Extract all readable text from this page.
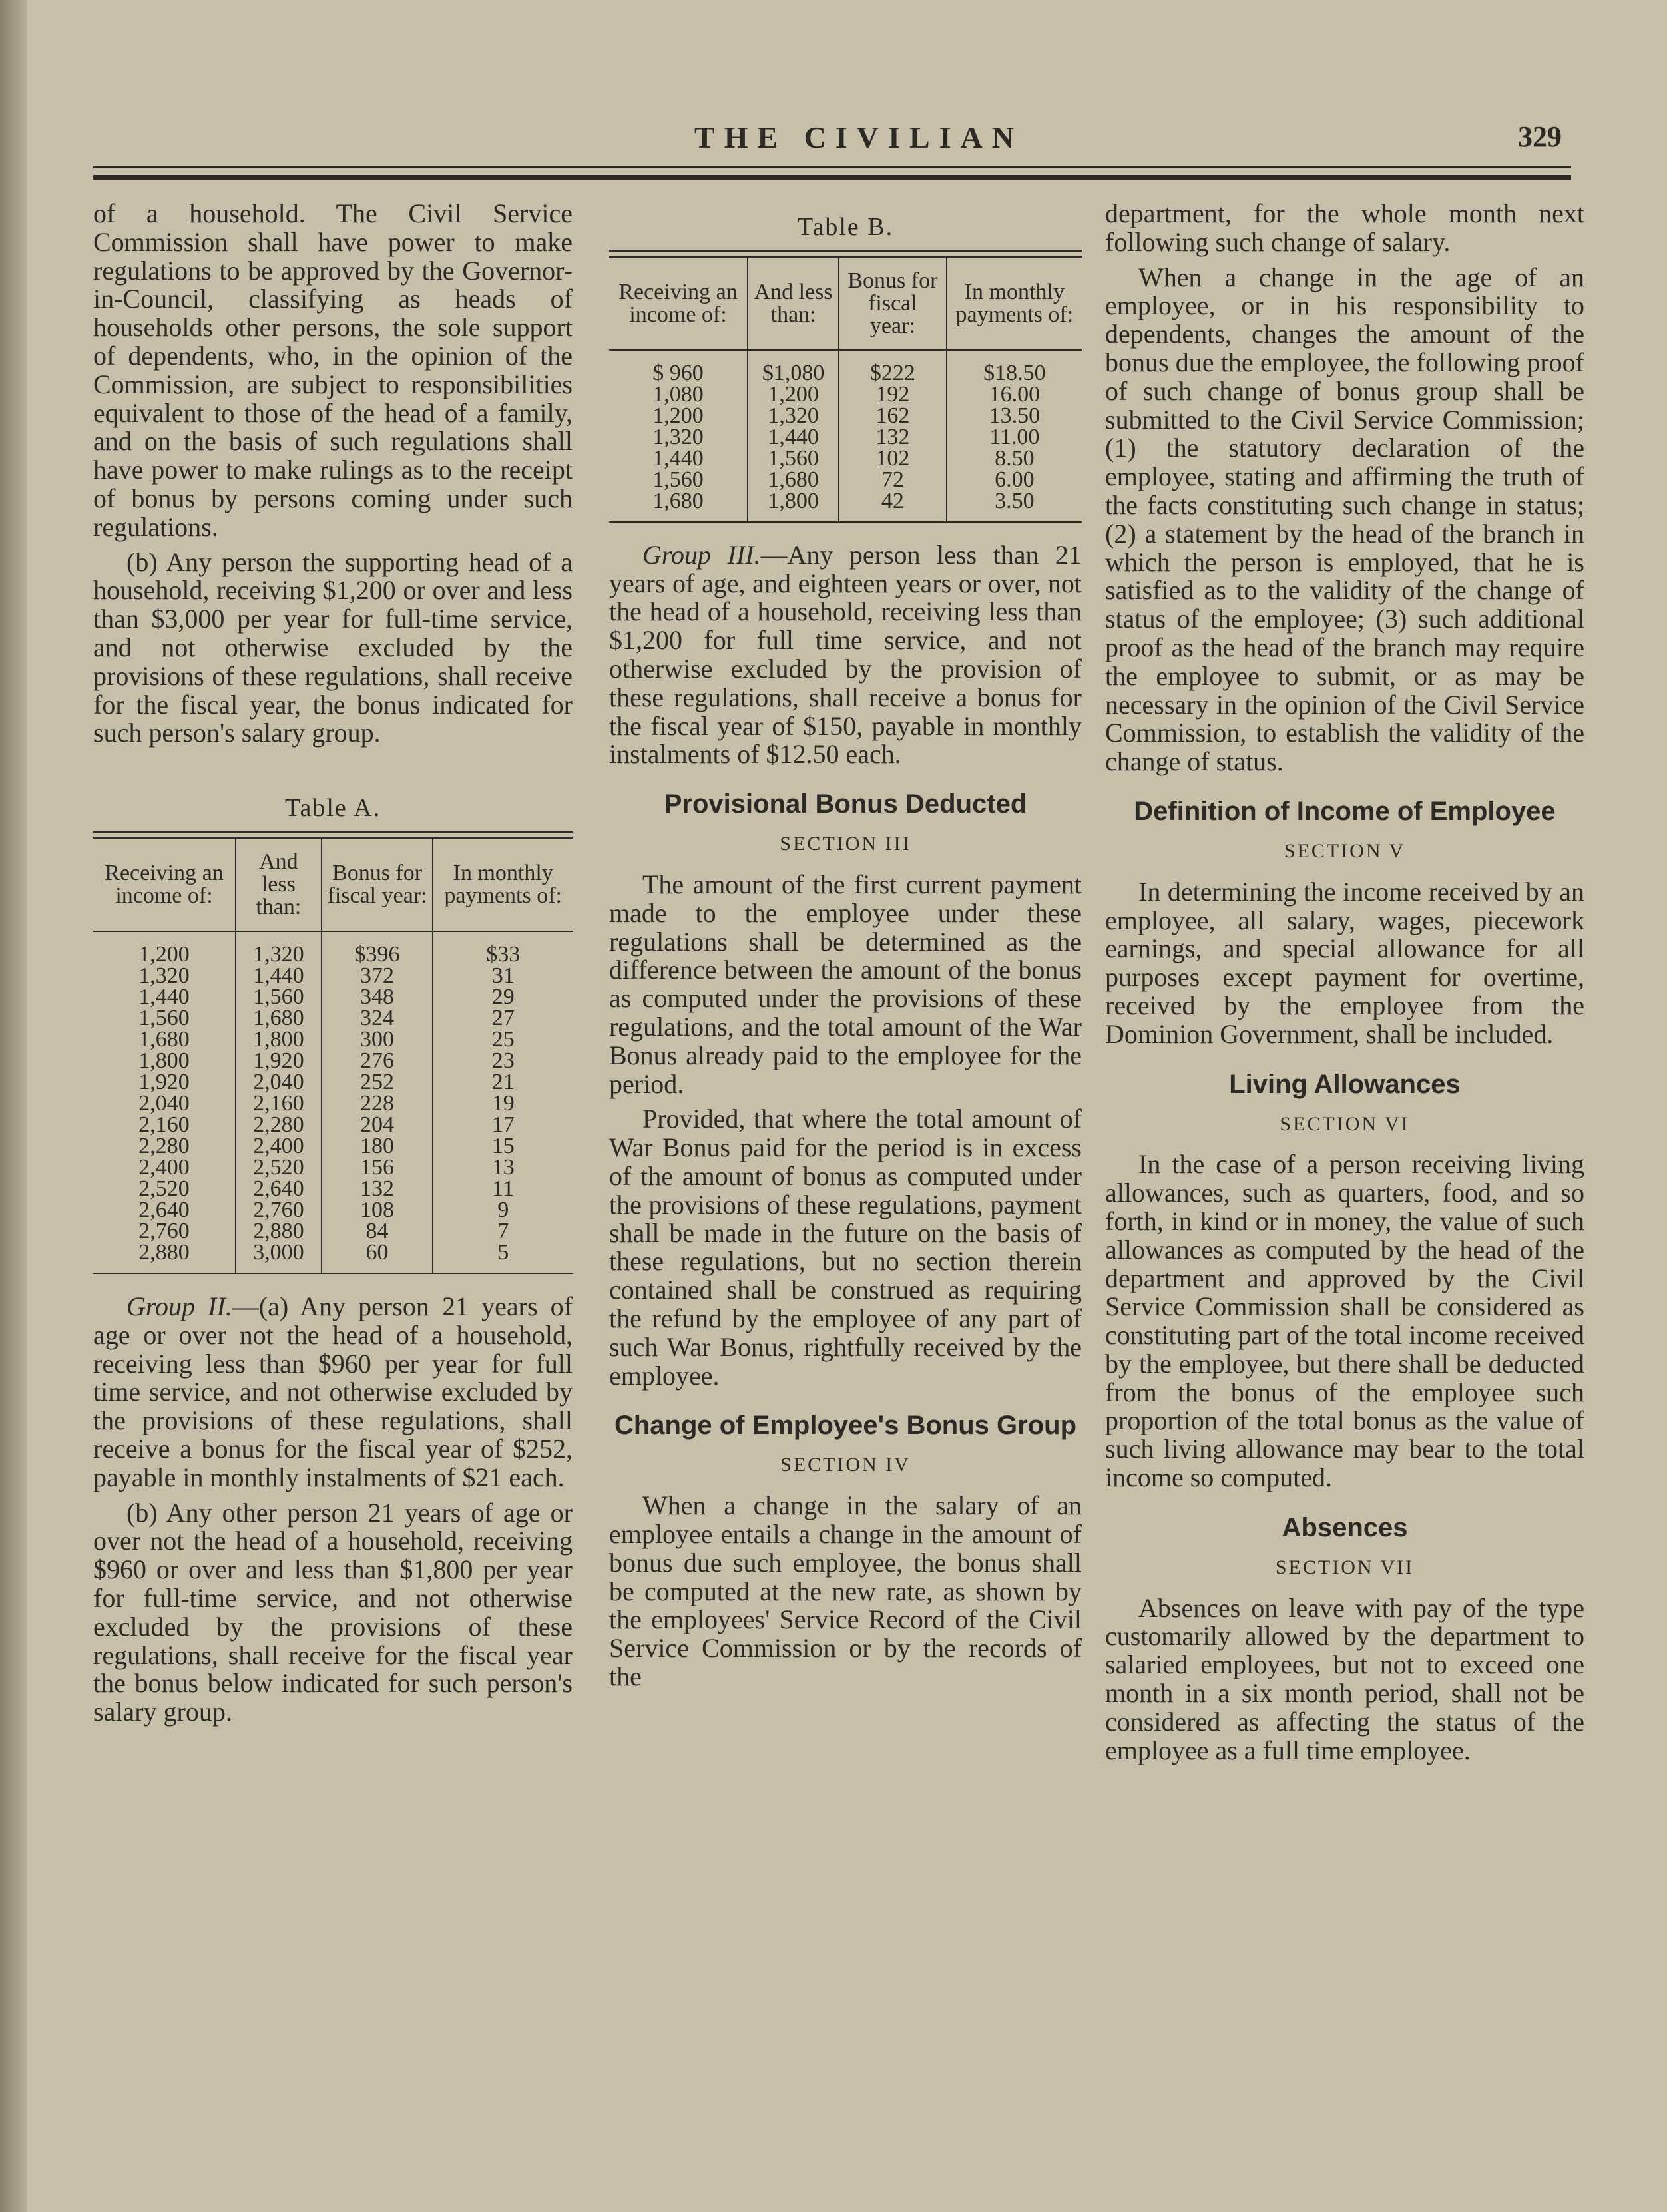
THE CIVILIAN	329

of a household. The Civil Service Commission shall have power to make regulations to be approved by the Governor-in-Council, classifying as heads of households other persons, the sole support of dependents, who, in the opinion of the Commission, are subject to responsibilities equivalent to those of the head of a family, and on the basis of such regulations shall have power to make rulings as to the receipt of bonus by persons coming under such regulations.

(b) Any person the supporting head of a household, receiving $1,200 or over and less than $3,000 per year for full-time service, and not otherwise excluded by the provisions of these regulations, shall receive for the fiscal year, the bonus indicated for such person's salary group.

Table A.

Receiving an income of:	And less than:	Bonus for fiscal year:	In monthly payments of:
1,200	1,320	$396	$33
1,320	1,440	372	31
1,440	1,560	348	29
1,560	1,680	324	27
1,680	1,800	300	25
1,800	1,920	276	23
1,920	2,040	252	21
2,040	2,160	228	19
2,160	2,280	204	17
2,280	2,400	180	15
2,400	2,520	156	13
2,520	2,640	132	11
2,640	2,760	108	9
2,760	2,880	84	7
2,880	3,000	60	5

Group II.—(a) Any person 21 years of age or over not the head of a household, receiving less than $960 per year for full time service, and not otherwise excluded by the provisions of these regulations, shall receive a bonus for the fiscal year of $252, payable in monthly instalments of $21 each.

(b) Any other person 21 years of age or over not the head of a household, receiving $960 or over and less than $1,800 per year for full-time service, and not otherwise excluded by the provisions of these regulations, shall receive for the fiscal year the bonus below indicated for such person's salary group.

Table B.

Receiving an income of:	And less than:	Bonus for fiscal year:	In monthly payments of:
$ 960	$1,080	$222	$18.50
1,080	1,200	192	16.00
1,200	1,320	162	13.50
1,320	1,440	132	11.00
1,440	1,560	102	8.50
1,560	1,680	72	6.00
1,680	1,800	42	3.50

Group III.—Any person less than 21 years of age, and eighteen years or over, not the head of a household, receiving less than $1,200 for full time service, and not otherwise excluded by the provision of these regulations, shall receive a bonus for the fiscal year of $150, payable in monthly instalments of $12.50 each.

Provisional Bonus Deducted
SECTION III

The amount of the first current payment made to the employee under these regulations shall be determined as the difference between the amount of the bonus as computed under the provisions of these regulations, and the total amount of the War Bonus already paid to the employee for the period.

Provided, that where the total amount of War Bonus paid for the period is in excess of the amount of bonus as computed under the provisions of these regulations, payment shall be made in the future on the basis of these regulations, but no section therein contained shall be construed as requiring the refund by the employee of any part of such War Bonus, rightfully received by the employee.

Change of Employee's Bonus Group
SECTION IV

When a change in the salary of an employee entails a change in the amount of bonus due such employee, the bonus shall be computed at the new rate, as shown by the employees' Service Record of the Civil Service Commission or by the records of the

department, for the whole month next following such change of salary.

When a change in the age of an employee, or in his responsibility to dependents, changes the amount of the bonus due the employee, the following proof of such change of bonus group shall be submitted to the Civil Service Commission; (1) the statutory declaration of the employee, stating and affirming the truth of the facts constituting such change in status; (2) a statement by the head of the branch in which the person is employed, that he is satisfied as to the validity of the change of status of the employee; (3) such additional proof as the head of the branch may require the employee to submit, or as may be necessary in the opinion of the Civil Service Commission, to establish the validity of the change of status.

Definition of Income of Employee
SECTION V

In determining the income received by an employee, all salary, wages, piecework earnings, and special allowance for all purposes except payment for overtime, received by the employee from the Dominion Government, shall be included.

Living Allowances
SECTION VI

In the case of a person receiving living allowances, such as quarters, food, and so forth, in kind or in money, the value of such allowances as computed by the head of the department and approved by the Civil Service Commission shall be considered as constituting part of the total income received by the employee, but there shall be deducted from the bonus of the employee such proportion of the total bonus as the value of such living allowance may bear to the total income so computed.

Absences
SECTION VII

Absences on leave with pay of the type customarily allowed by the department to salaried employees, but not to exceed one month in a six month period, shall not be considered as affecting the status of the employee as a full time employee.
